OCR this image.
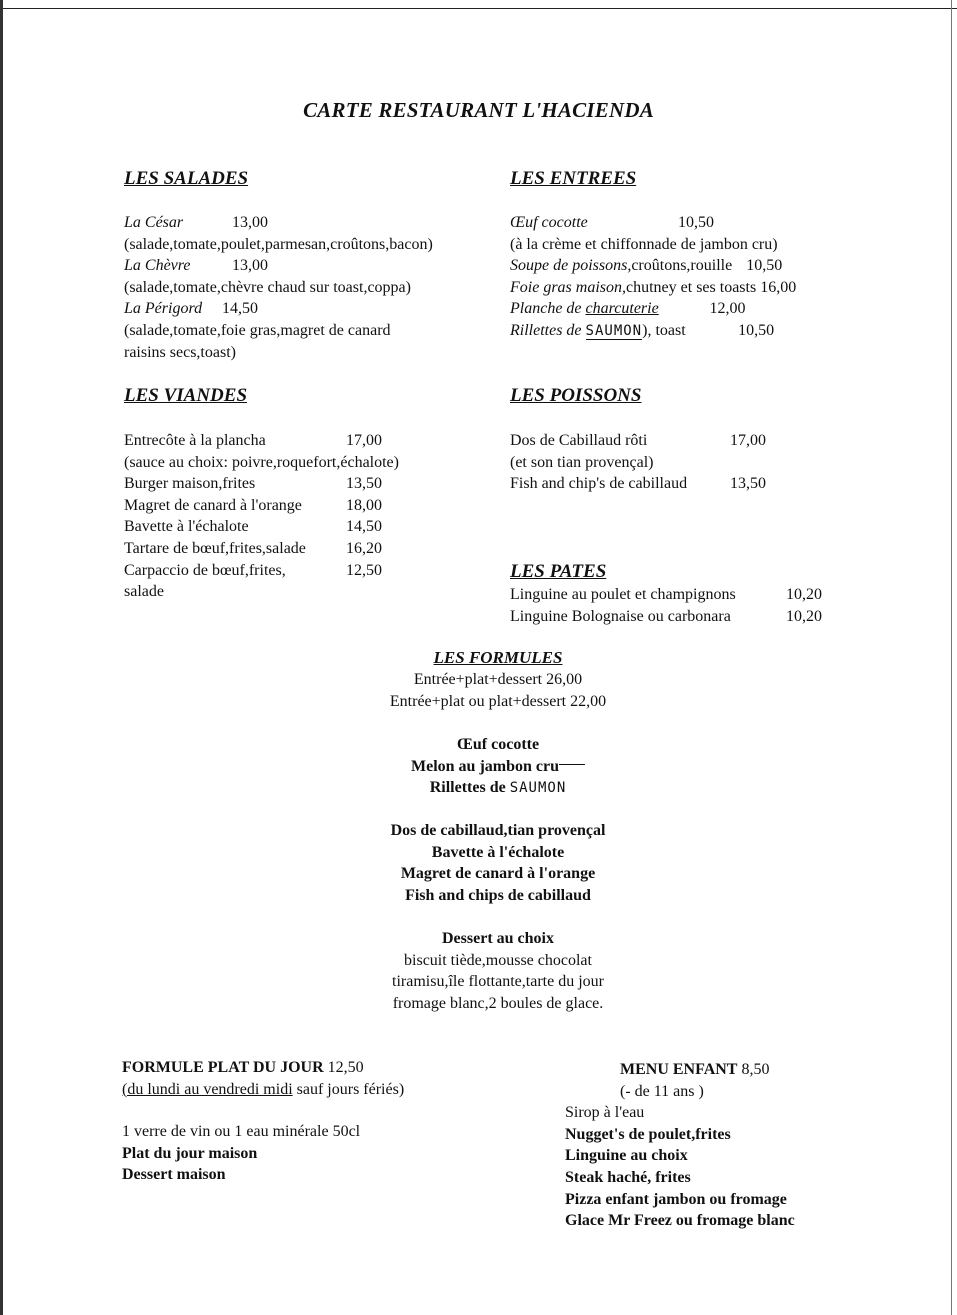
CARTE RESTAURANT L'HACIENDA
LES SALADES
La César	13,00
(salade,tomate,poulet,parmesan,croûtons,bacon)
La Chèvre	13,00
(salade,tomate,chèvre chaud sur toast,coppa)
La Périgord 14,50
(salade,tomate,foie gras,magret de canard
raisins secs,toast)
LES ENTREES
Œuf cocotte	10,50
(à la crème et chiffonnade de jambon cru)
Soupe de poissons,croûtons,rouille 10,50
Foie gras maison,chutney et ses toasts 16,00
Planche de charcuterie	12,00
Rillettes de SAUMON), toast	10,50
LES VIANDES
Entrecôte à la plancha	17,00
(sauce au choix: poivre,roquefort,échalote)
Burger maison,frites	13,50
Magret de canard à l'orange	18,00
Bavette à l'échalote	14,50
Tartare de bœuf,frites,salade	16,20
Carpaccio de bœuf,frites,	12,50
salade
LES POISSONS
Dos de Cabillaud rôti	17,00
(et son tian provençal)
Fish and chip's de cabillaud	13,50
LES PATES
Linguine au poulet et champignons	10,20
Linguine Bolognaise ou carbonara	10,20
LES FORMULES
Entrée+plat+dessert 26,00
Entrée+plat ou plat+dessert 22,00
Œuf cocotte
Melon au jambon cru
Rillettes de SAUMON
Dos de cabillaud,tian provençal
Bavette à l'échalote
Magret de canard à l'orange
Fish and chips de cabillaud
Dessert au choix
biscuit tiède,mousse chocolat
tiramisu,île flottante,tarte du jour
fromage blanc,2 boules de glace.
FORMULE PLAT DU JOUR 12,50
(du lundi au vendredi midi sauf jours fériés)
1 verre de vin ou 1 eau minérale 50cl
Plat du jour maison
Dessert maison
MENU ENFANT 8,50
(- de 11 ans )
Sirop à l'eau
Nugget's de poulet,frites
Linguine au choix
Steak haché, frites
Pizza enfant jambon ou fromage
Glace Mr Freez ou fromage blanc
